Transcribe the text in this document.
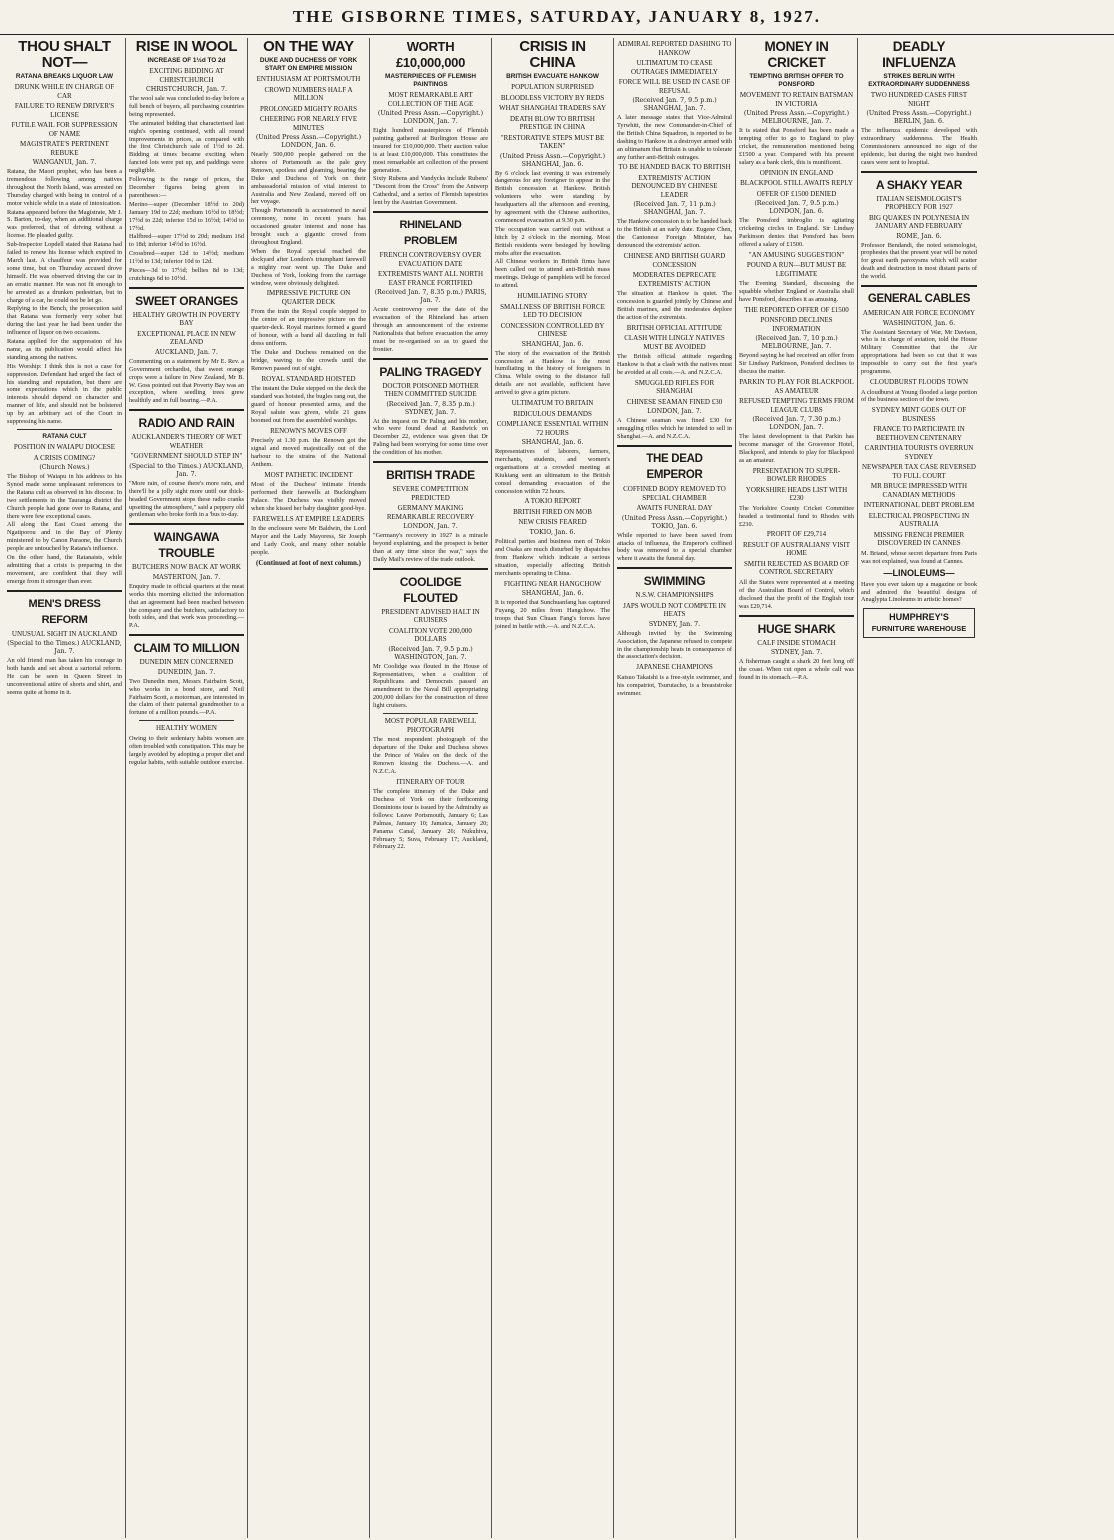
THE GISBORNE TIMES, SATURDAY, JANUARY 8, 1927.
THOU SHALT NOT—
RATANA BREAKS LIQUOR LAW
DRUNK WHILE IN CHARGE OF CAR
FAILURE TO RENEW DRIVER'S LICENSE
FUTILE WAIL FOR SUPPRESSION OF NAME
MAGISTRATE'S PERTINENT REBUKE
WANGANUI, Jan. 7.

Ratana, the Maori prophet, who has been a tremendous following among natives throughout the North Island, was arrested on Thursday charged with being in control of a motor vehicle while in a state of intoxication.

Ratana appeared before the Magistrate, Mr J. S. Barton, to-day, when an additional charge was preferred, that of driving without a license. He pleaded guilty.

Sub-Inspector Lopdell stated that Ratana had failed to renew his license which expired in March last. A chauffeur was provided for some time, but on Thursday accused drove himself. He was observed driving the car in an erratic manner. He was not fit enough to be arrested as a drunken pedestrian, but in charge of a car, he could not be let go.

Replying to the Bench, the prosecution said that Ratana was formerly very sober but during the last year he had been under the influence of liquor on two occasions.

Ratana applied for the suppression of his name, as its publication would affect his standing among the natives.

His Worship: I think this is not a case for suppression. Defendant had urged the fact of his standing and reputation, but there are some expectations which in the public interests should depend on character and manner of life, and should not be bolstered up by an arbitrary act of the Court in suppressing his name.

RATANA CULT
POSITION IN WAIAPU DIOCESE
A CRISIS COMING?
(Church News.)

The Bishop of Waiapu in his address to his Synod made some unpleasant references to the Ratana cult as observed in his diocese. In two settlements in the Tauranga district the Church people had gone over to Ratana, and there were few exceptional cases.

All along the East Coast among the Ngatiporou and in the Bay of Plenty ministered to by Canon Paraone, the Church people are untouched by Ratana's influence.

On the other hand, the Ratanaists, while admitting that a crisis is preparing in the movement, are confident that they will emerge from it stronger than ever.

MEN'S DRESS REFORM
UNUSUAL SIGHT IN AUCKLAND
(Special to the Times.) AUCKLAND, Jan. 7.

An old friend man has taken his courage in both hands and set about a sartorial reform. He can be seen in Queen Street in unconventional attire of shorts and shirt, and seems quite at home in it.

RISE IN WOOL
INCREASE OF 1½d TO 2d
EXCITING BIDDING AT CHRISTCHURCH
CHRISTCHURCH, Jan. 7.

The wool sale was concluded to-day before a full bench of buyers, all purchasing countries being represented.

The animated bidding that characterised last night's opening continued, with all round improvements in prices, as compared with the first Christchurch sale of 1½d to 2d. Bidding at times became exciting when fancied lots were put up, and paddings were negligible.

Following is the range of prices, the December figures being given in parentheses:—

Merino—super (December 18½d to 20d) January 19d to 22d; medium 16½d to 18½d; 17½d to 22d; inferior 15d to 16½d; 14½d to 17½d.

Halfbred—super 17½d to 20d; medium 16d to 18d; inferior 14½d to 16½d.

Crossbred—super 12d to 14½d; medium 11½d to 13d; inferior 10d to 12d.

Pieces—3d to 17½d; bellies 8d to 13d; crutchings 6d to 10½d.

SWEET ORANGES
HEALTHY GROWTH IN POVERTY BAY
EXCEPTIONAL PLACE IN NEW ZEALAND
AUCKLAND, Jan. 7.

Commenting on a statement by Mr E. Rev. a Government orchardist, that sweet orange crops were a failure in New Zealand, Mr B. W. Goss pointed out that Poverty Bay was an exception, where seedling trees grew healthily and in full bearing.—P.A.

RADIO AND RAIN
AUCKLANDER'S THEORY OF WET WEATHER
"GOVERNMENT SHOULD STEP IN"
(Special to the Times.) AUCKLAND, Jan. 7.

"More rain, of course there's more rain, and there'll be a jolly sight more until our thick-headed Government stops these radio cranks upsetting the atmosphere," said a peppery old gentleman who broke forth in a 'bus to-day.

WAINGAWA TROUBLE
BUTCHERS NOW BACK AT WORK
MASTERTON, Jan. 7.

Enquiry made in official quarters at the meat works this morning elicited the information that an agreement had been reached between the company and the butchers, satisfactory to both sides, and that work was proceeding.—P.A.

CLAIM TO MILLION
DUNEDIN MEN CONCERNED
DUNEDIN, Jan. 7.

Two Dunedin men, Messrs Fairbairn Scott, who works in a bond store, and Neil Fairbairn Scott, a motorman, are interested in the claim of their paternal grandmother to a fortune of a million pounds.—P.A.

HEALTHY WOMEN

Owing to their sedentary habits women are often troubled with constipation. This may be largely avoided by adopting a proper diet and regular habits, with suitable outdoor exercise.

ON THE WAY
DUKE AND DUCHESS OF YORK START ON EMPIRE MISSION
ENTHUSIASM AT PORTSMOUTH
CROWD NUMBERS HALF A MILLION
PROLONGED MIGHTY ROARS
CHEERING FOR NEARLY FIVE MINUTES
(United Press Assn.—Copyright.) LONDON, Jan. 6.

Nearly 500,000 people gathered on the shores of Portsmouth as the pale grey Renown, spotless and gleaming, bearing the Duke and Duchess of York on their ambassadorial mission of vital interest to Australia and New Zealand, moved off on her voyage.

Though Portsmouth is accustomed to naval ceremony, none in recent years has occasioned greater interest and none has brought such a gigantic crowd from throughout England.

When the Royal special reached the dockyard after London's triumphant farewell a mighty roar went up. The Duke and Duchess of York, looking from the carriage window, were obviously delighted.

IMPRESSIVE PICTURE ON QUARTER DECK

From the train the Royal couple stepped to the centre of an impressive picture on the quarter-deck. Royal marines formed a guard of honour, with a band all dazzling in full dress uniform.

The Duke and Duchess remained on the bridge, waving to the crowds until the Renown passed out of sight.

ROYAL STANDARD HOISTED

The instant the Duke stepped on the deck the standard was hoisted, the bugles rang out, the guard of honour presented arms, and the Royal salute was given, while 21 guns boomed out from the assembled warships.

RENOWN'S MOVES OFF

Precisely at 1.30 p.m. the Renown got the signal and moved majestically out of the harbour to the strains of the National Anthem.

MOST PATHETIC INCIDENT

Most of the Duchess' intimate friends performed their farewells at Buckingham Palace. The Duchess was visibly moved when she kissed her baby daughter good-bye.

FAREWELLS AT EMPIRE LEADERS

In the enclosure were Mr Baldwin, the Lord Mayor and the Lady Mayoress, Sir Joseph and Lady Cook, and many other notable people.

(Continued at foot of next column.)
WORTH £10,000,000
MASTERPIECES OF FLEMISH PAINTINGS
MOST REMARKABLE ART COLLECTION OF THE AGE
(United Press Assn.—Copyright.) LONDON, Jan. 7.

Eight hundred masterpieces of Flemish painting gathered at Burlington House are insured for £10,000,000. Their auction value is at least £10,000,000. This constitutes the most remarkable art collection of the present generation.

Sixty Rubens and Vandycks include Rubens' "Descent from the Cross" from the Antwerp Cathedral, and a series of Flemish tapestries lent by the Austrian Government.

RHINELAND PROBLEM
FRENCH CONTROVERSY OVER EVACUATION DATE
EXTREMISTS WANT ALL NORTH EAST FRANCE FORTIFIED
(Received Jan. 7, 8.35 p.m.) PARIS, Jan. 7.

Acute controversy over the date of the evacuation of the Rhineland has arisen through an announcement of the extreme Nationalists that before evacuation the army must be re-organised so as to guard the frontier.

PALING TRAGEDY
DOCTOR POISONED MOTHER THEN COMMITTED SUICIDE
(Received Jan. 7, 8.35 p.m.) SYDNEY, Jan. 7.

At the inquest on Dr Paling and his mother, who were found dead at Randwick on December 22, evidence was given that Dr Paling had been worrying for some time over the condition of his mother.

BRITISH TRADE
SEVERE COMPETITION PREDICTED
GERMANY MAKING REMARKABLE RECOVERY
LONDON, Jan. 7.

"Germany's recovery in 1927 is a miracle beyond explaining, and the prospect is better than at any time since the war," says the Daily Mail's review of the trade outlook.

COOLIDGE FLOUTED
PRESIDENT ADVISED HALT IN CRUISERS
COALITION VOTE 200,000 DOLLARS
(Received Jan. 7, 9.5 p.m.) WASHINGTON, Jan. 7.

Mr Coolidge was flouted in the House of Representatives, when a coalition of Republicans and Democrats passed an amendment to the Naval Bill appropriating 200,000 dollars for the construction of three light cruisers.

MOST POPULAR FAREWELL PHOTOGRAPH

The most respondent photograph of the departure of the Duke and Duchess shows the Prince of Wales on the deck of the Renown kissing the Duchess.—A. and N.Z.C.A.

ITINERARY OF TOUR

The complete itinerary of the Duke and Duchess of York on their forthcoming Dominions tour is issued by the Admiralty as follows: Leave Portsmouth, January 6; Las Palmas, January 10; Jamaica, January 20; Panama Canal, January 26; Nukuhiva, February 5; Suva, February 17; Auckland, February 22.

CRISIS IN CHINA
BRITISH EVACUATE HANKOW
POPULATION SURPRISED
BLOODLESS VICTORY BY REDS
WHAT SHANGHAI TRADERS SAY
DEATH BLOW TO BRITISH PRESTIGE IN CHINA
"RESTORATIVE STEPS MUST BE TAKEN"
(United Press Assn.—Copyright.) SHANGHAI, Jan. 6.

By 6 o'clock last evening it was extremely dangerous for any foreigner to appear in the British concession at Hankow. British volunteers who were standing by headquarters all the afternoon and evening, by agreement with the Chinese authorities, commenced evacuation at 9.30 p.m.

The occupation was carried out without a hitch by 2 o'clock in the morning. Most British residents were besieged by howling mobs after the evacuation.

All Chinese workers in British firms have been called out to attend anti-British mass meetings. Deluge of pamphlets will be forced to attend.

HUMILIATING STORY
SMALLNESS OF BRITISH FORCE LED TO DECISION
CONCESSION CONTROLLED BY CHINESE
SHANGHAI, Jan. 6.

The story of the evacuation of the British concession at Hankow is the most humiliating in the history of foreigners in China. While owing to the distance full details are not available, sufficient have arrived to give a grim picture.

ULTIMATUM TO BRITAIN
RIDICULOUS DEMANDS
COMPLIANCE ESSENTIAL WITHIN 72 HOURS
SHANGHAI, Jan. 6.

Representatives of laborers, farmers, merchants, students, and women's organisations at a crowded meeting at Kiukiang sent an ultimatum to the British consul demanding evacuation of the concession within 72 hours.

A TOKIO REPORT
BRITISH FIRED ON MOB
NEW CRISIS FEARED
TOKIO, Jan. 6.

Political parties and business men of Tokio and Osaka are much disturbed by dispatches from Hankow which indicate a serious situation, especially affecting British merchants operating in China.

FIGHTING NEAR HANGCHOW
SHANGHAI, Jan. 6.

It is reported that Sunchuanfang has captured Fuyang, 20 miles from Hangchow. The troops that Sun Chuan Fang's forces have joined in battle with.—A. and N.Z.C.A.

ADMIRAL REPORTED DASHING TO HANKOW
ULTIMATUM TO CEASE OUTRAGES IMMEDIATELY
FORCE WILL BE USED IN CASE OF REFUSAL
(Received Jan. 7, 9.5 p.m.) SHANGHAI, Jan. 7.

A later message states that Vice-Admiral Tyrwhitt, the new Commander-in-Chief of the British China Squadron, is reported to be dashing to Hankow in a destroyer armed with an ultimatum that Britain is unable to tolerate any further anti-British outrages.

TO BE HANDED BACK TO BRITISH
EXTREMISTS' ACTION DENOUNCED BY CHINESE LEADER
(Received Jan. 7, 11 p.m.) SHANGHAI, Jan. 7.

The Hankow concession is to be handed back to the British at an early date. Eugene Chen, the Cantonese Foreign Minister, has denounced the extremists' action.

CHINESE AND BRITISH GUARD CONCESSION
MODERATES DEPRECATE EXTREMISTS' ACTION

The situation at Hankow is quiet. The concession is guarded jointly by Chinese and British marines, and the moderates deplore the action of the extremists.

BRITISH OFFICIAL ATTITUDE
CLASH WITH LINGLY NATIVES MUST BE AVOIDED

The British official attitude regarding Hankow is that a clash with the natives must be avoided at all costs.—A. and N.Z.C.A.

SMUGGLED RIFLES FOR SHANGHAI
CHINESE SEAMAN FINED £30
LONDON, Jan. 7.

A Chinese seaman was fined £30 for smuggling rifles which he intended to sell in Shanghai.—A. and N.Z.C.A.

THE DEAD EMPEROR
COFFINED BODY REMOVED TO SPECIAL CHAMBER
AWAITS FUNERAL DAY
(United Press Assn.—Copyright.) TOKIO, Jan. 6.

While reported to have been saved from attacks of influenza, the Emperor's coffined body was removed to a special chamber where it awaits the funeral day.

SWIMMING
N.S.W. CHAMPIONSHIPS
JAPS WOULD NOT COMPETE IN HEATS
SYDNEY, Jan. 7.

Although invited by the Swimming Association, the Japanese refused to compete in the championship heats in consequence of the association's decision.

JAPANESE CHAMPIONS

Katsuo Takaishi is a free-style swimmer, and his compatriot, Tsurutacho, is a breaststroke swimmer.

MONEY IN CRICKET
TEMPTING BRITISH OFFER TO PONSFORD
MOVEMENT TO RETAIN BATSMAN IN VICTORIA
(United Press Assn.—Copyright.) MELBOURNE, Jan. 7.

It is stated that Ponsford has been made a tempting offer to go to England to play cricket, the remuneration mentioned being £1500 a year. Compared with his present salary as a bank clerk, this is munificent.

OPINION IN ENGLAND
BLACKPOOL STILL AWAITS REPLY
OFFER OF £1500 DENIED
(Received Jan. 7, 9.5 p.m.) LONDON, Jan. 6.

The Ponsford imbroglio is agitating cricketing circles in England. Sir Lindsay Parkinson denies that Ponsford has been offered a salary of £1500.

"AN AMUSING SUGGESTION"
POUND A RUN—BUT MUST BE LEGITIMATE

The Evening Standard, discussing the squabble whether England or Australia shall have Ponsford, describes it as amusing.

THE REPORTED OFFER OF £1500
PONSFORD DECLINES INFORMATION
(Received Jan. 7, 10 p.m.) MELBOURNE, Jan. 7.

Beyond saying he had received an offer from Sir Lindsay Parkinson, Ponsford declines to discuss the matter.

PARKIN TO PLAY FOR BLACKPOOL AS AMATEUR
REFUSED TEMPTING TERMS FROM LEAGUE CLUBS
(Received Jan. 7, 7.30 p.m.) LONDON, Jan. 7.

The latest development is that Parkin has become manager of the Grosvenor Hotel, Blackpool, and intends to play for Blackpool as an amateur.

PRESENTATION TO SUPER-BOWLER RHODES
YORKSHIRE HEADS LIST WITH £230

The Yorkshire County Cricket Committee headed a testimonial fund to Rhodes with £230.

PROFIT OF £29,714
RESULT OF AUSTRALIANS' VISIT HOME
SMITH REJECTED AS BOARD OF CONTROL SECRETARY

All the States were represented at a meeting of the Australian Board of Control, which disclosed that the profit of the English tour was £29,714.

HUGE SHARK
CALF INSIDE STOMACH
SYDNEY, Jan. 7.

A fisherman caught a shark 20 feet long off the coast. When cut open a whole calf was found in its stomach.—P.A.

DEADLY INFLUENZA
STRIKES BERLIN WITH EXTRAORDINARY SUDDENNESS
TWO HUNDRED CASES FIRST NIGHT
(United Press Assn.—Copyright.) BERLIN, Jan. 6.

The influenza epidemic developed with extraordinary suddenness. The Health Commissioners announced no sign of the epidemic, but during the night two hundred cases were sent to hospital.

A SHAKY YEAR
ITALIAN SEISMOLOGIST'S PROPHECY FOR 1927
BIG QUAKES IN POLYNESIA IN JANUARY AND FEBRUARY
ROME, Jan. 6.

Professor Bendandi, the noted seismologist, prophesies that the present year will be noted for great earth paroxysms which will scatter death and destruction in most distant parts of the world.

GENERAL CABLES
AMERICAN AIR FORCE ECONOMY
WASHINGTON, Jan. 6.

The Assistant Secretary of War, Mr Davison, who is in charge of aviation, told the House Military Committee that the Air appropriations had been so cut that it was impossible to carry out the first year's programme.

CLOUDBURST FLOODS TOWN

A cloudburst at Young flooded a large portion of the business section of the town.

SYDNEY MINT GOES OUT OF BUSINESS
FRANCE TO PARTICIPATE IN BEETHOVEN CENTENARY
CARINTHIA TOURISTS OVERRUN SYDNEY
NEWSPAPER TAX CASE REVERSED TO FULL COURT
MR BRUCE IMPRESSED WITH CANADIAN METHODS
INTERNATIONAL DEBT PROBLEM
ELECTRICAL PROSPECTING IN AUSTRALIA
MISSING FRENCH PREMIER DISCOVERED IN CANNES

M. Briand, whose secret departure from Paris was not explained, was found at Cannes.

—LINOLEUMS—

Have you ever taken up a magazine or book and admired the beautiful designs of Anaglypta Linoleums in artistic homes?

HUMPHREY'S
FURNITURE WAREHOUSE
